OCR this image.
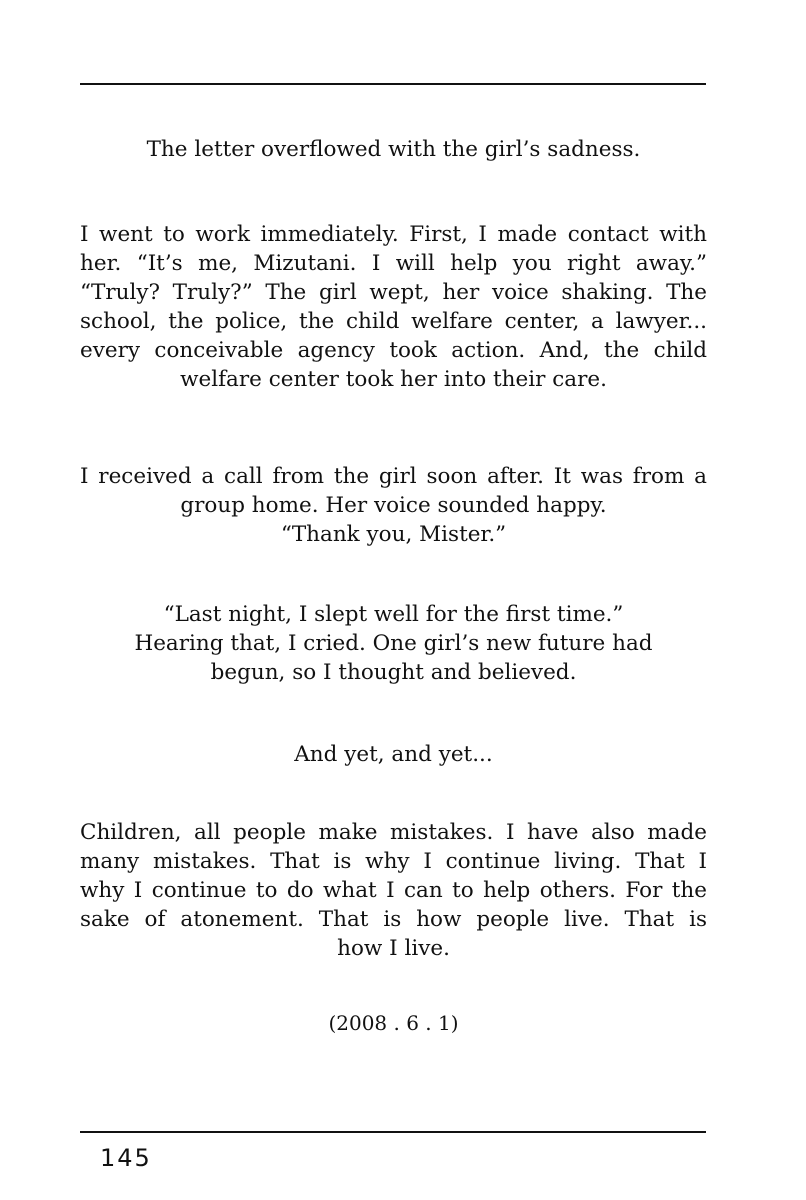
The letter overflowed with the girl’s sadness.
I went to work immediately. First, I made contact with
her. “It’s me, Mizutani. I will help you right away.”
“Truly? Truly?” The girl wept, her voice shaking. The
school, the police, the child welfare center, a lawyer...
every conceivable agency took action. And, the child
welfare center took her into their care.
I received a call from the girl soon after. It was from a
group home. Her voice sounded happy.
“Thank you, Mister.”
“Last night, I slept well for the first time.”
Hearing that, I cried. One girl’s new future had
begun, so I thought and believed.
And yet, and yet...
Children, all people make mistakes. I have also made
many mistakes. That is why I continue living. That I
why I continue to do what I can to help others. For the
sake of atonement. That is how people live. That is
how I live.
(2008 . 6 . 1)
145
